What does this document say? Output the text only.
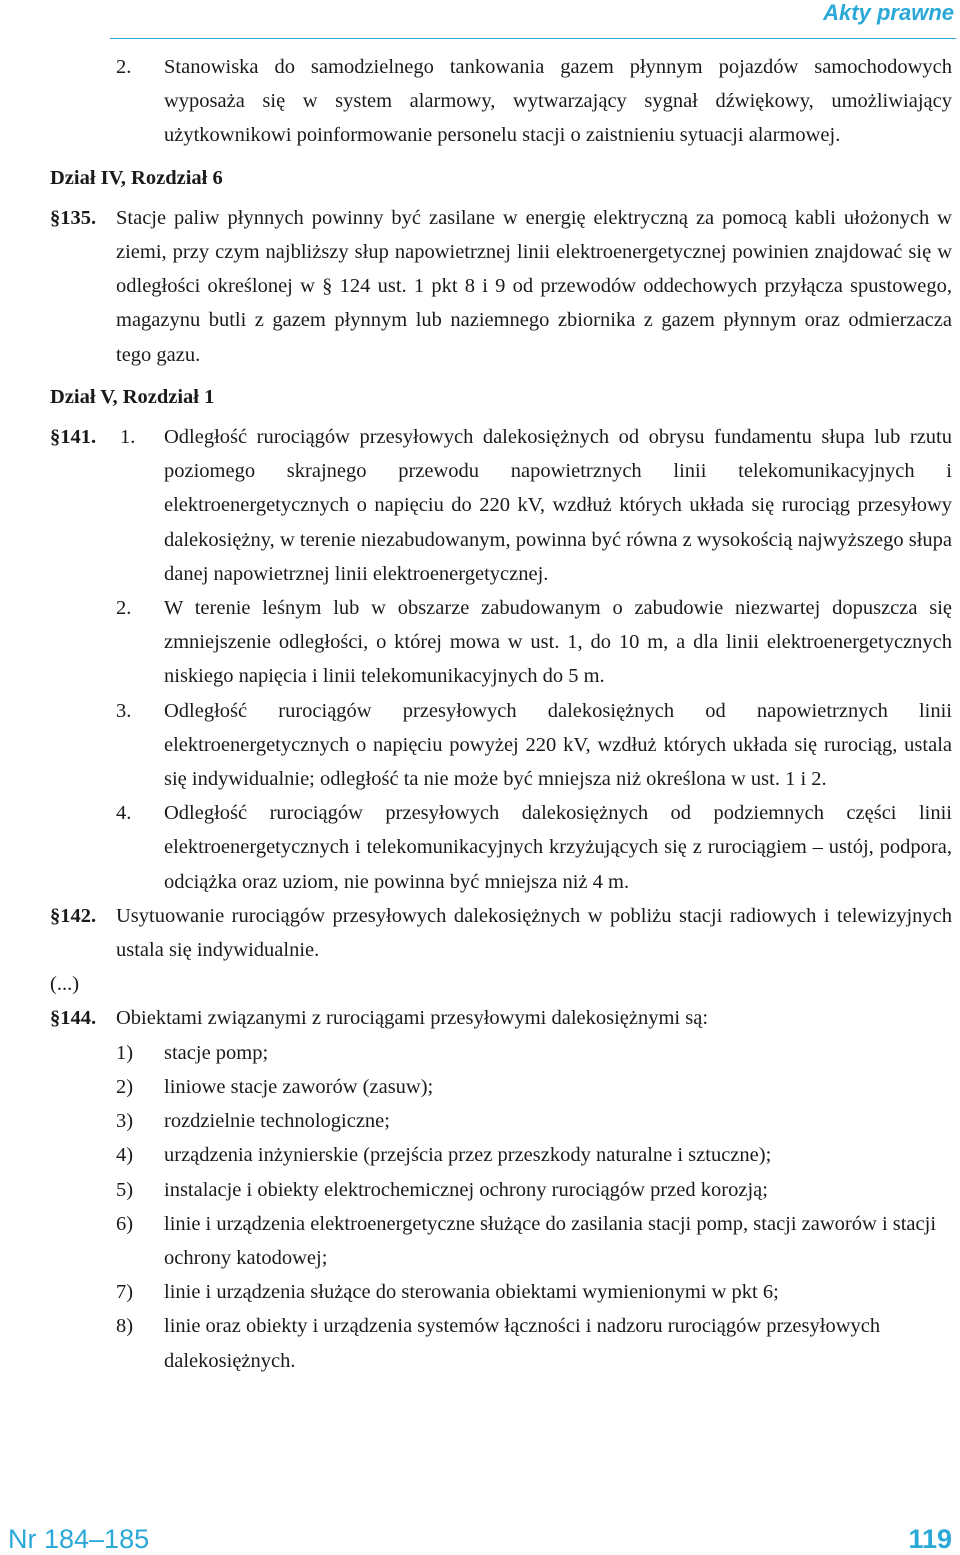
Akty prawne
2.	Stanowiska do samodzielnego tankowania gazem płynnym pojazdów samochodowych wyposaża się w system alarmowy, wytwarzający sygnał dźwiękowy, umożliwiający użytkownikowi poinformowanie personelu stacji o zaistnieniu sytuacji alarmowej.
Dział IV, Rozdział 6
§135. Stacje paliw płynnych powinny być zasilane w energię elektryczną za pomocą kabli ułożonych w ziemi, przy czym najbliższy słup napowietrznej linii elektroenergetycznej powinien znajdować się w odległości określonej w § 124 ust. 1 pkt 8 i 9 od przewodów oddechowych przyłącza spustowego, magazynu butli z gazem płynnym lub naziemnego zbiornika z gazem płynnym oraz odmierzacza tego gazu.
Dział V, Rozdział 1
§141.	1.	Odległość rurociągów przesyłowych dalekosiężnych od obrysu fundamentu słupa lub rzutu poziomego skrajnego przewodu napowietrznych linii telekomunikacyjnych i elektroenergetycznych o napięciu do 220 kV, wzdłuż których układa się rurociąg przesyłowy dalekosiężny, w terenie niezabudowanym, powinna być równa z wysokością najwyższego słupa danej napowietrznej linii elektroenergetycznej.
2.	W terenie leśnym lub w obszarze zabudowanym o zabudowie niezwartej dopuszcza się zmniejszenie odległości, o której mowa w ust. 1, do 10 m, a dla linii elektroenergetycznych niskiego napięcia i linii telekomunikacyjnych do 5 m.
3.	Odległość rurociągów przesyłowych dalekosiężnych od napowietrznych linii elektroenergetycznych o napięciu powyżej 220 kV, wzdłuż których układa się rurociąg, ustala się indywidualnie; odległość ta nie może być mniejsza niż określona w ust. 1 i 2.
4.	Odległość rurociągów przesyłowych dalekosiężnych od podziemnych części linii elektroenergetycznych i telekomunikacyjnych krzyżujących się z rurociągiem – ustój, podpora, odciążka oraz uziom, nie powinna być mniejsza niż 4 m.
§142. Usytuowanie rurociągów przesyłowych dalekosiężnych w pobliżu stacji radiowych i telewizyjnych ustala się indywidualnie.
(...)
§144. Obiektami związanymi z rurociągami przesyłowymi dalekosiężnymi są:
1)	stacje pomp;
2)	liniowe stacje zaworów (zasuw);
3)	rozdzielnie technologiczne;
4)	urządzenia inżynierskie (przejścia przez przeszkody naturalne i sztuczne);
5)	instalacje i obiekty elektrochemicznej ochrony rurociągów przed korozją;
6)	linie i urządzenia elektroenergetyczne służące do zasilania stacji pomp, stacji zaworów i stacji ochrony katodowej;
7)	linie i urządzenia służące do sterowania obiektami wymienionymi w pkt 6;
8)	linie oraz obiekty i urządzenia systemów łączności i nadzoru rurociągów przesyłowych dalekosiężnych.
Nr 184–185	119
